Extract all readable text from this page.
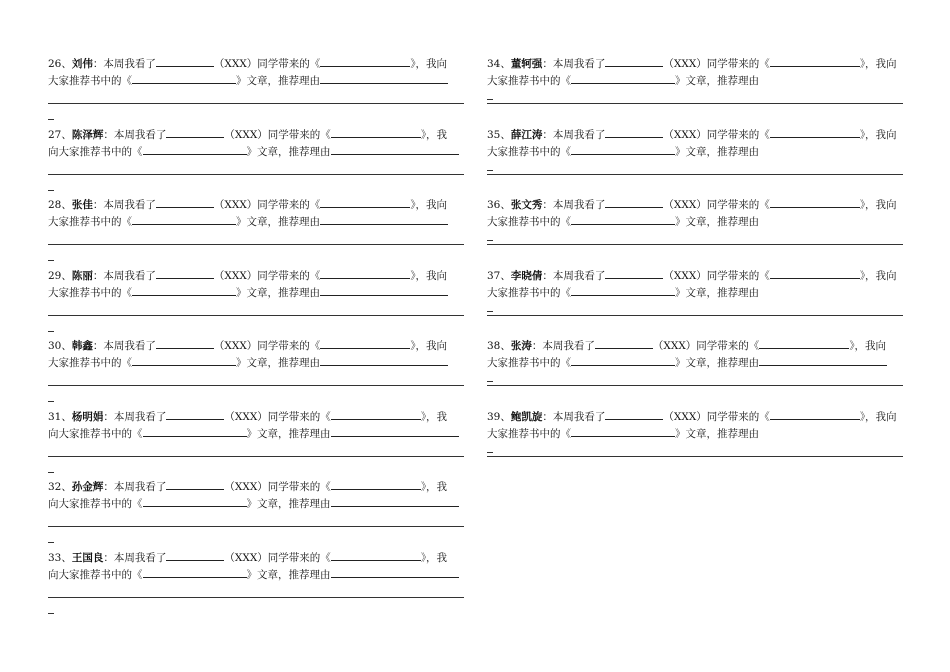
26、刘伟：本周我看了	（XXX）同学带来的《	》，我向
大家推荐书中的《	》文章，推荐理由
27、陈泽辉：本周我看了	（XXX）同学带来的《	》，我
向大家推荐书中的《	》文章，推荐理由
28、张佳：本周我看了	（XXX）同学带来的《	》，我向
大家推荐书中的《	》文章，推荐理由
29、陈丽：本周我看了	（XXX）同学带来的《	》，我向
大家推荐书中的《	》文章，推荐理由
30、韩鑫：本周我看了	（XXX）同学带来的《	》，我向
大家推荐书中的《	》文章，推荐理由
31、杨明娟：本周我看了	（XXX）同学带来的《	》，我
向大家推荐书中的《	》文章，推荐理由
32、孙金辉：本周我看了	（XXX）同学带来的《	》，我
向大家推荐书中的《	》文章，推荐理由
33、王国良：本周我看了	（XXX）同学带来的《	》，我
向大家推荐书中的《	》文章，推荐理由
34、董轲强：本周我看了	（XXX）同学带来的《	》，我向
大家推荐书中的《	》文章，推荐理由
35、薛江涛：本周我看了	（XXX）同学带来的《	》，我向
大家推荐书中的《	》文章，推荐理由
36、张文秀：本周我看了	（XXX）同学带来的《	》，我向
大家推荐书中的《	》文章，推荐理由
37、李晓倩：本周我看了	（XXX）同学带来的《	》，我向
大家推荐书中的《	》文章，推荐理由
38、张涛：本周我看了	（XXX）同学带来的《	》，我向
大家推荐书中的《	》文章，推荐理由
39、鲍凯旋：本周我看了	（XXX）同学带来的《	》，我向
大家推荐书中的《	》文章，推荐理由
